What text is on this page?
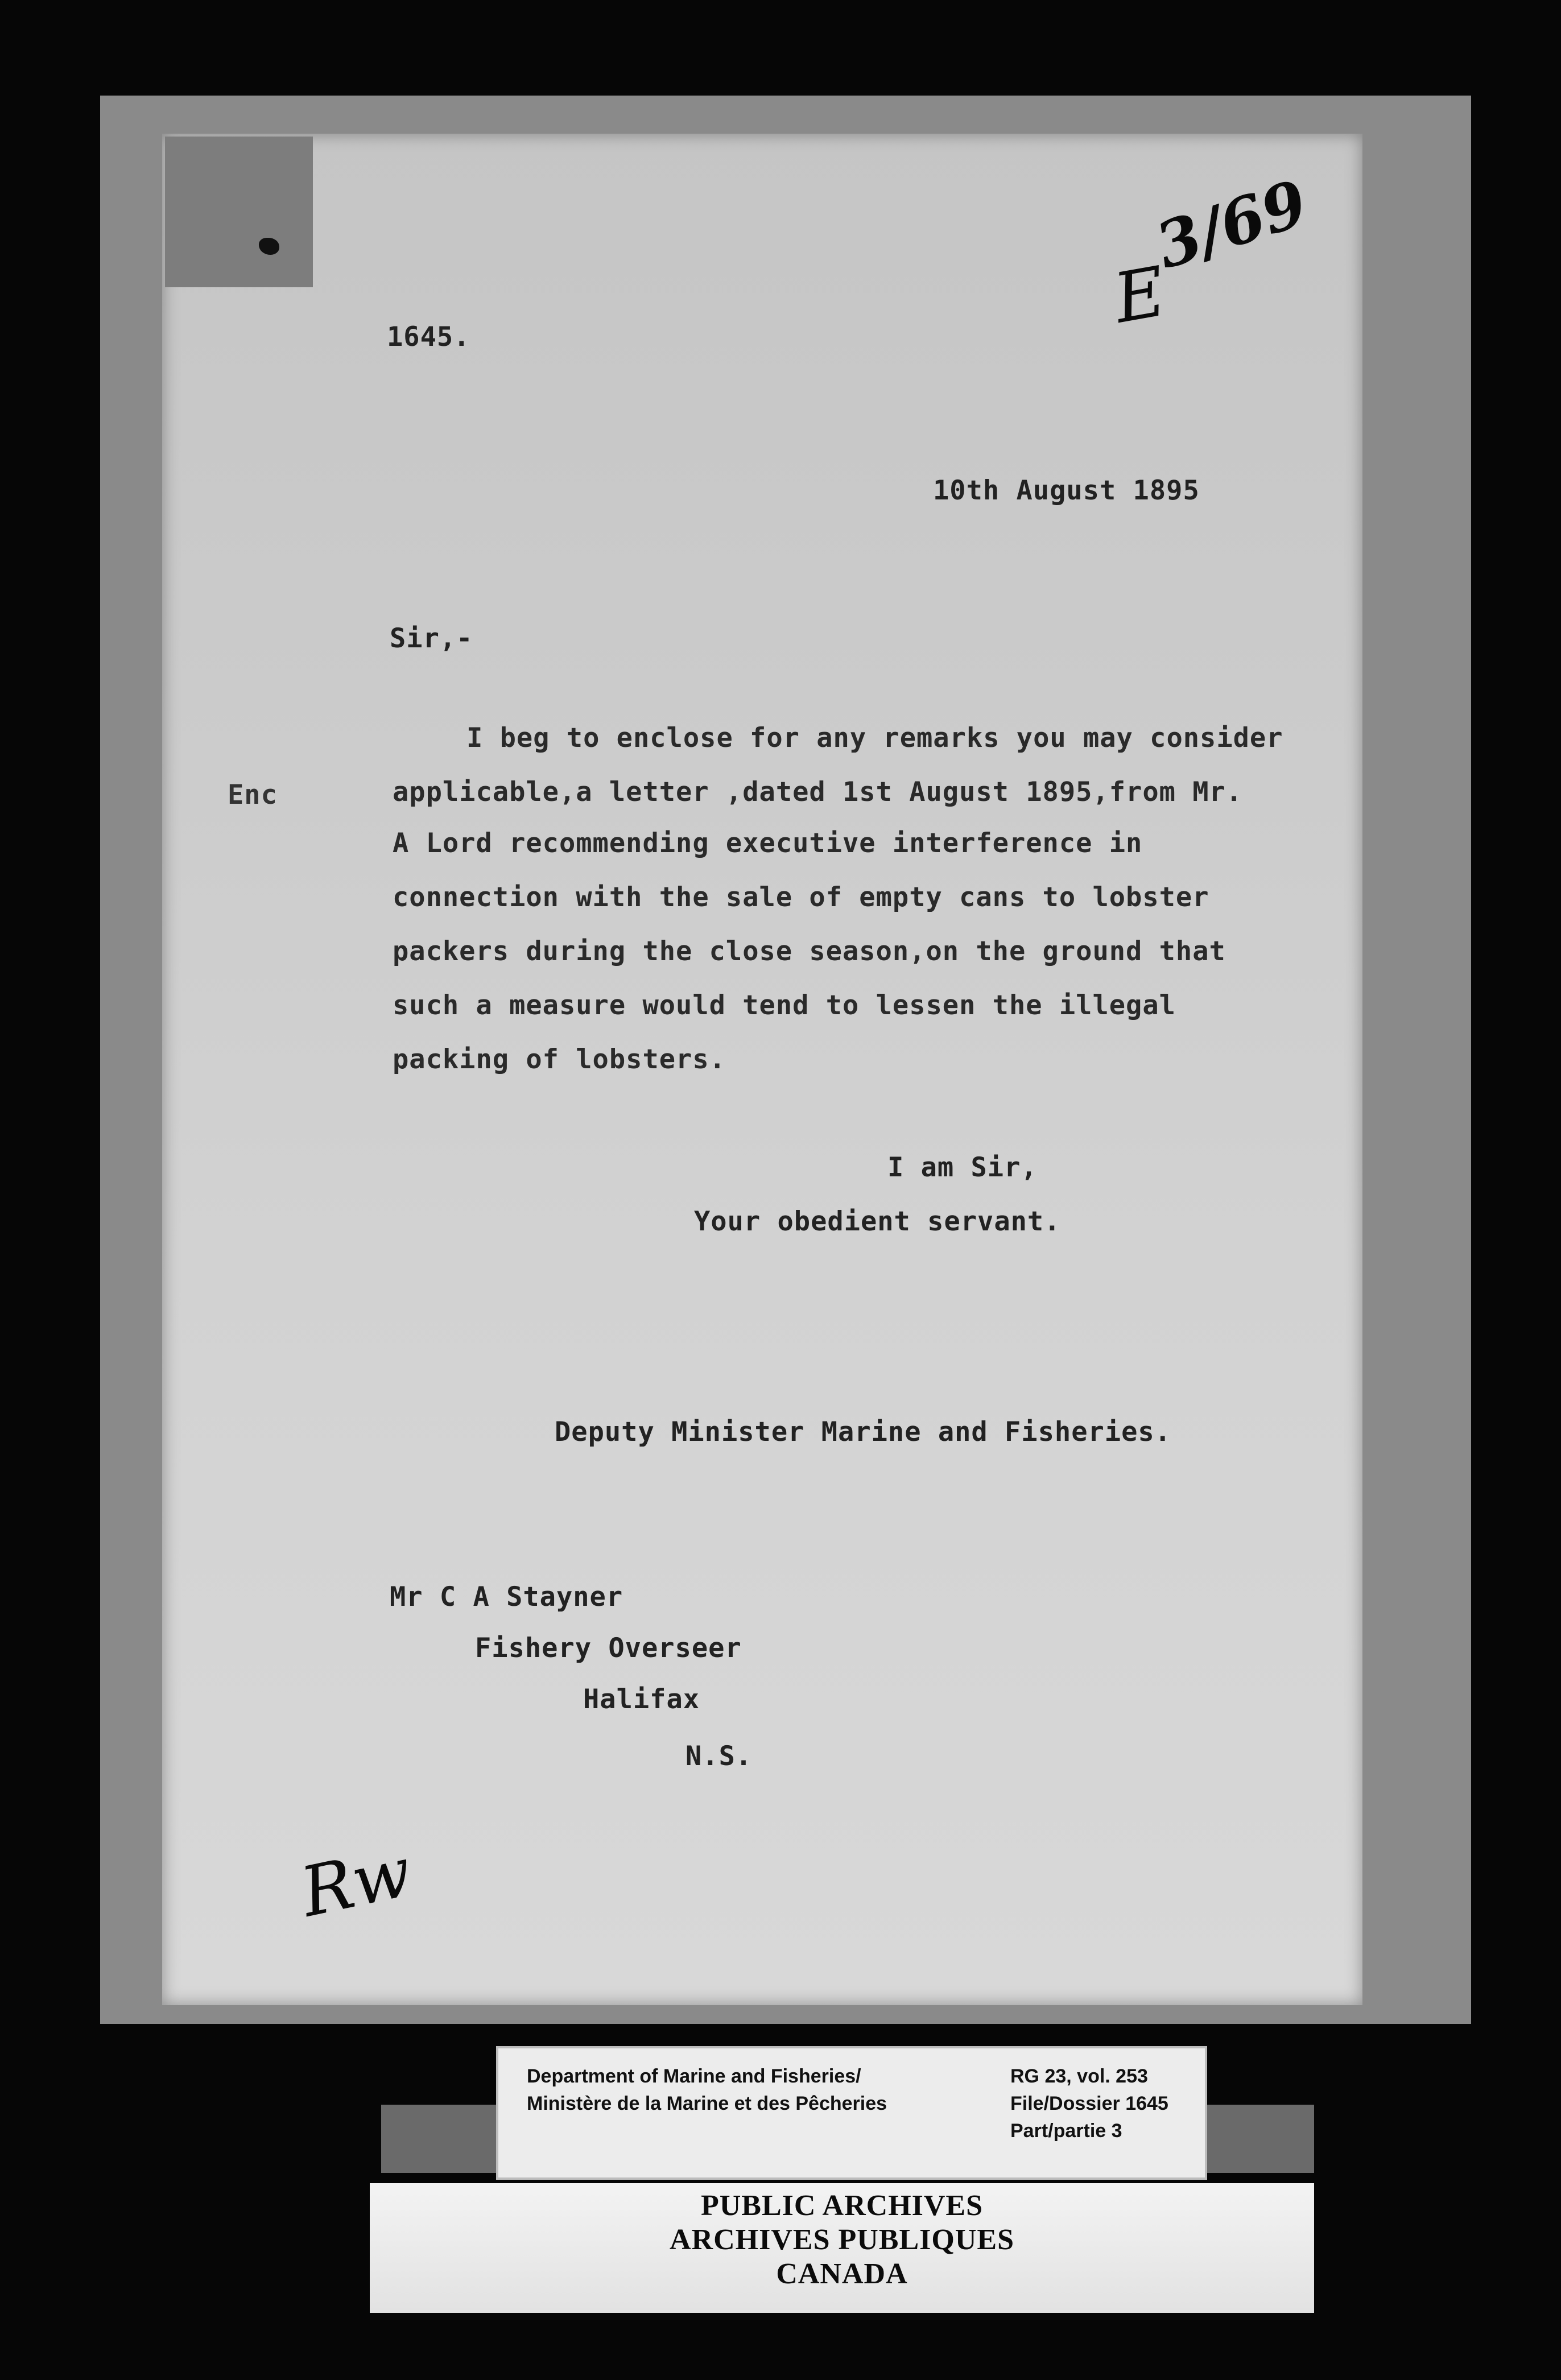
3/69
E
1645.
10th August 1895
Sir,-
Enc
I beg to enclose for any remarks you may consider
applicable,a letter ,dated 1st August 1895,from Mr.
A Lord recommending executive interference in
connection with the sale of empty cans to lobster
packers during the close season,on the ground that
such a measure would tend to lessen the illegal
packing of lobsters.
I am Sir,
Your obedient servant.
Deputy Minister Marine and Fisheries.
Mr C A Stayner
Fishery Overseer
Halifax
N.S.
Rw
Department of Marine and Fisheries/
Ministère de la Marine et des Pêcheries
RG 23, vol. 253
File/Dossier 1645
Part/partie 3
PUBLIC ARCHIVES
ARCHIVES PUBLIQUES
CANADA
